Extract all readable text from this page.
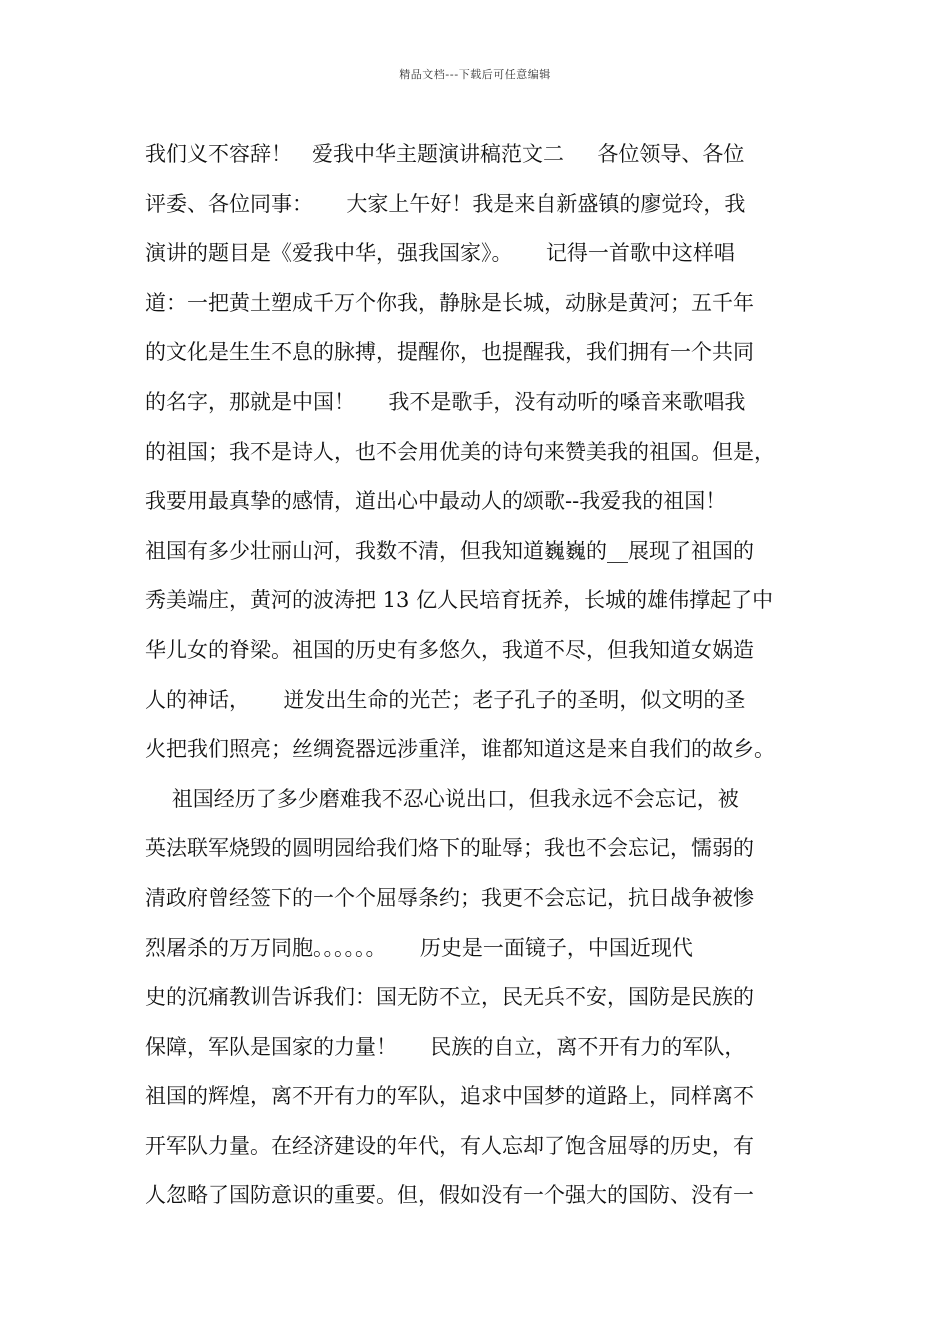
精品文档---下载后可任意编辑
我们义不容辞！   爱我中华主题演讲稿范文二     各位领导、各位
评委、各位同事：     大家上午好！我是来自新盛镇的廖觉玲，我
演讲的题目是《爱我中华，强我国家》。     记得一首歌中这样唱
道：一把黄土塑成千万个你我，静脉是长城，动脉是黄河；五千年
的文化是生生不息的脉搏，提醒你，也提醒我，我们拥有一个共同
的名字，那就是中国！     我不是歌手，没有动听的嗓音来歌唱我
的祖国；我不是诗人，也不会用优美的诗句来赞美我的祖国。但是，
我要用最真挚的感情，道出心中最动人的颂歌--我爱我的祖国！
祖国有多少壮丽山河，我数不清，但我知道巍巍的__展现了祖国的
秀美端庄，黄河的波涛把 13 亿人民培育抚养，长城的雄伟撑起了中
华儿女的脊梁。祖国的历史有多悠久，我道不尽，但我知道女娲造
人的神话，     迸发出生命的光芒；老子孔子的圣明，似文明的圣
火把我们照亮；丝绸瓷器远涉重洋，谁都知道这是来自我们的故乡。
祖国经历了多少磨难我不忍心说出口，但我永远不会忘记，被
英法联军烧毁的圆明园给我们烙下的耻辱；我也不会忘记，懦弱的
清政府曾经签下的一个个屈辱条约；我更不会忘记，抗日战争被惨
烈屠杀的万万同胞。。。。。。     历史是一面镜子，中国近现代
史的沉痛教训告诉我们：国无防不立，民无兵不安，国防是民族的
保障，军队是国家的力量！     民族的自立，离不开有力的军队，
祖国的辉煌，离不开有力的军队，追求中国梦的道路上，同样离不
开军队力量。在经济建设的年代，有人忘却了饱含屈辱的历史，有
人忽略了国防意识的重要。但，假如没有一个强大的国防、没有一
